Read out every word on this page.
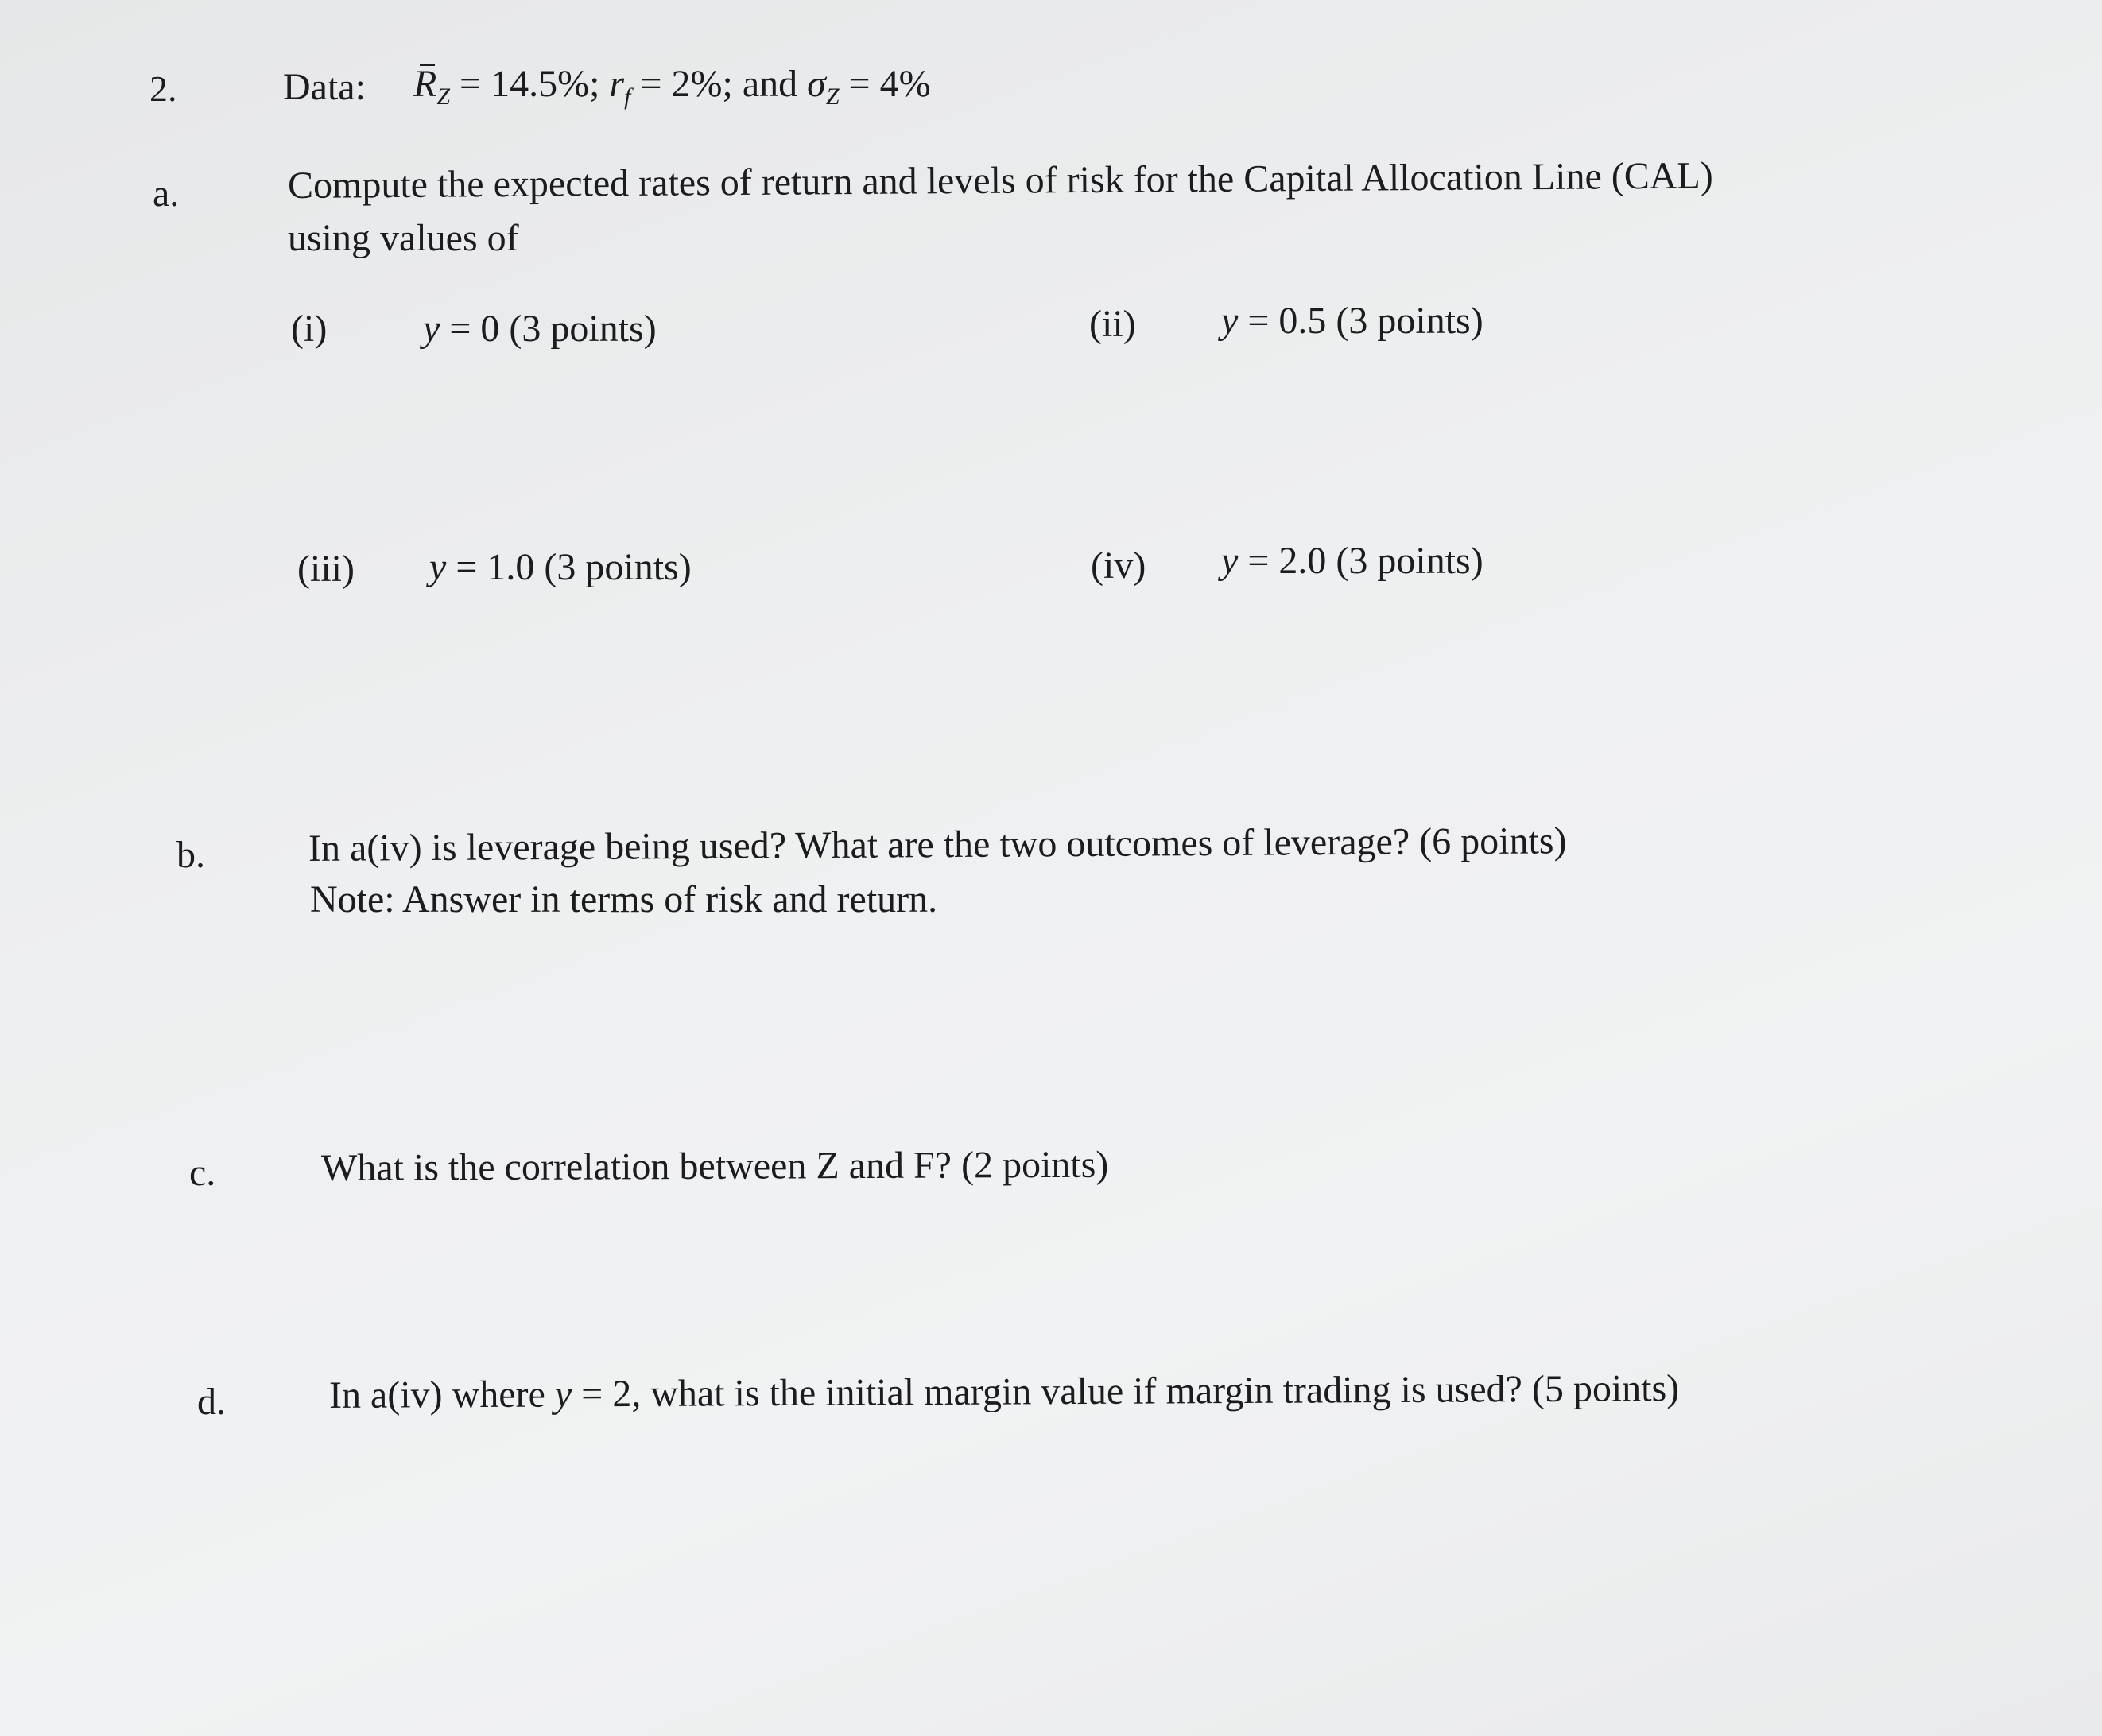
2.	Data: $R_Z = 14.5\%$; $r_f = 2\%$; and $\sigma_Z = 4\%$
a.	Compute the expected rates of return and levels of risk for the Capital Allocation Line (CAL)
using values of
(i)	y = 0 (3 points)	(ii) y = 0.5 (3 points)
(iii) y = 1.0 (3 points)	(iv) y = 2.0 (3 points)
b.	In a(iv) is leverage being used? What are the two outcomes of leverage? (6 points)
Note: Answer in terms of risk and return.
c.	What is the correlation between Z and F? (2 points)
d.	In a(iv) where y = 2, what is the initial margin value if margin trading is used? (5 points)
